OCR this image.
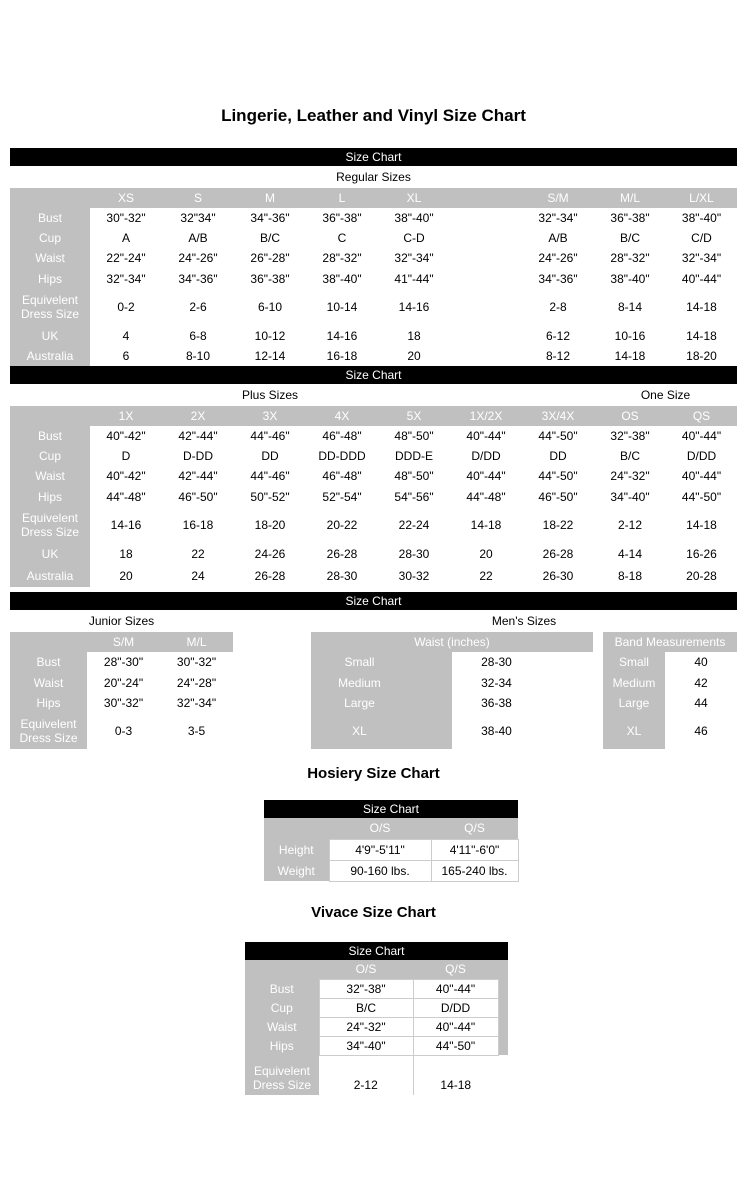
Lingerie, Leather and Vinyl Size Chart
Size Chart
Regular Sizes
	XS	S	M	L	XL		S/M	M/L	L/XL
Bust	30"-32"	32"34"	34"-36"	36"-38"	38"-40"		32"-34"	36"-38"	38"-40"
Cup	A	A/B	B/C	C	C-D		A/B	B/C	C/D
Waist	22"-24"	24"-26"	26"-28"	28"-32"	32"-34"		24"-26"	28"-32"	32"-34"
Hips	32"-34"	34"-36"	36"-38"	38"-40"	41"-44"		34"-36"	38"-40"	40"-44"
Equivelent Dress Size	0-2	2-6	6-10	10-14	14-16		2-8	8-14	14-18
UK	4	6-8	10-12	14-16	18		6-12	10-16	14-18
Australia	6	8-10	12-14	16-18	20		8-12	14-18	18-20
Size Chart
Plus Sizes	One Size
	1X	2X	3X	4X	5X	1X/2X	3X/4X	OS	QS
Bust	40"-42"	42"-44"	44"-46"	46"-48"	48"-50"	40"-44"	44"-50"	32"-38"	40"-44"
Cup	D	D-DD	DD	DD-DDD	DDD-E	D/DD	DD	B/C	D/DD
Waist	40"-42"	42"-44"	44"-46"	46"-48"	48"-50"	40"-44"	44"-50"	24"-32"	40"-44"
Hips	44"-48"	46"-50"	50"-52"	52"-54"	54"-56"	44"-48"	46"-50"	34"-40"	44"-50"
Equivelent Dress Size	14-16	16-18	18-20	20-22	22-24	14-18	18-22	2-12	14-18
UK	18	22	24-26	26-28	28-30	20	26-28	4-14	16-26
Australia	20	24	26-28	28-30	30-32	22	26-30	8-18	20-28
Size Chart
Junior Sizes	Men's Sizes
	S/M	M/L
Bust	28"-30"	30"-32"
Waist	20"-24"	24"-28"
Hips	30"-32"	32"-34"
Equivelent Dress Size	0-3	3-5
Waist (inches)			Band Measurements	
Small	28-30		Small	40
Medium	32-34		Medium	42
Large	36-38		Large	44
XL	38-40		XL	46
Hosiery Size Chart
Size Chart
	O/S	Q/S
Height	4'9"-5'11"	4'11"-6'0"
Weight	90-160 lbs.	165-240 lbs.
Vivace Size Chart
Size Chart
	O/S	Q/S	
Bust	32"-38"	40"-44"	
Cup	B/C	D/DD	
Waist	24"-32"	40"-44"	
Hips	34"-40"	44"-50"	
Equivelent Dress Size	2-12	14-18	
